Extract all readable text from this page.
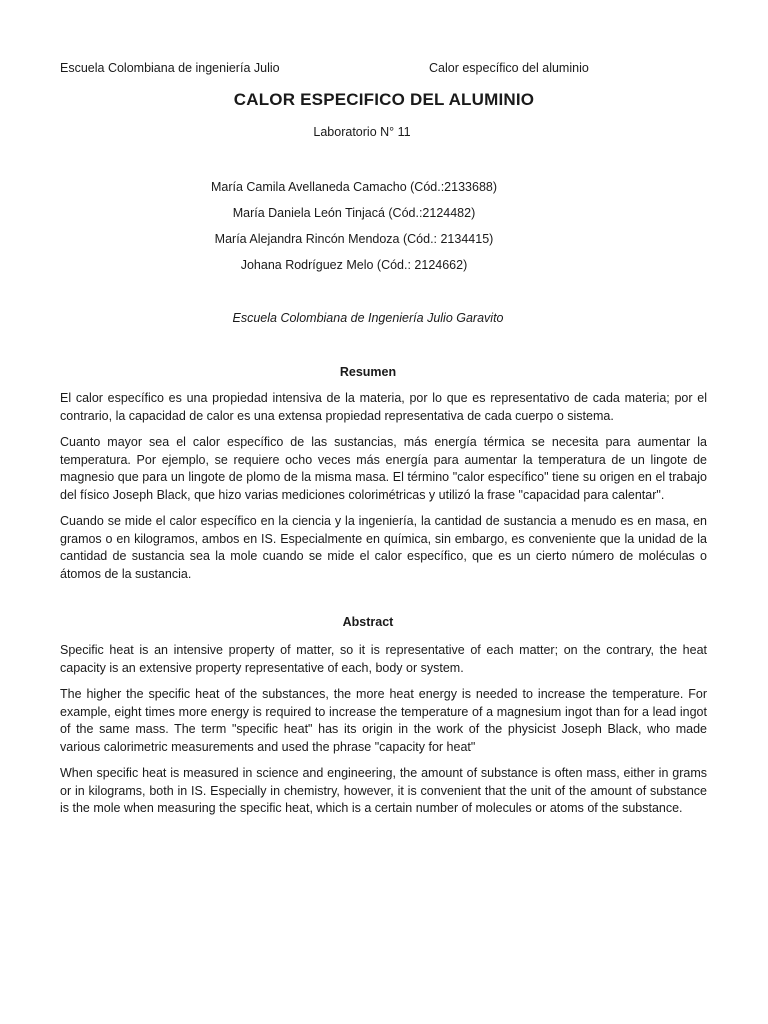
Escuela Colombiana de ingeniería Julio	Calor específico del aluminio
CALOR ESPECIFICO DEL ALUMINIO
Laboratorio N° 11
María Camila Avellaneda Camacho (Cód.:2133688)
María Daniela León Tinjacá (Cód.:2124482)
María Alejandra Rincón Mendoza (Cód.: 2134415)
Johana Rodríguez Melo (Cód.: 2124662)
Escuela Colombiana de Ingeniería Julio Garavito
Resumen

El calor específico es una propiedad intensiva de la materia, por lo que es representativo de cada materia; por el contrario, la capacidad de calor es una extensa propiedad representativa de cada cuerpo o sistema.

Cuanto mayor sea el calor específico de las sustancias, más energía térmica se necesita para aumentar la temperatura. Por ejemplo, se requiere ocho veces más energía para aumentar la temperatura de un lingote de magnesio que para un lingote de plomo de la misma masa. El término "calor específico" tiene su origen en el trabajo del físico Joseph Black, que hizo varias mediciones colorimétricas y utilizó la frase "capacidad para calentar".

Cuando se mide el calor específico en la ciencia y la ingeniería, la cantidad de sustancia a menudo es en masa, en gramos o en kilogramos, ambos en IS. Especialmente en química, sin embargo, es conveniente que la unidad de la cantidad de sustancia sea la mole cuando se mide el calor específico, que es un cierto número de moléculas o átomos de la sustancia.

Abstract

Specific heat is an intensive property of matter, so it is representative of each matter; on the contrary, the heat capacity is an extensive property representative of each, body or system.

The higher the specific heat of the substances, the more heat energy is needed to increase the temperature. For example, eight times more energy is required to increase the temperature of a magnesium ingot than for a lead ingot of the same mass. The term "specific heat" has its origin in the work of the physicist Joseph Black, who made various calorimetric measurements and used the phrase "capacity for heat"

When specific heat is measured in science and engineering, the amount of substance is often mass, either in grams or in kilograms, both in IS. Especially in chemistry, however, it is convenient that the unit of the amount of substance is the mole when measuring the specific heat, which is a certain number of molecules or atoms of the substance.
